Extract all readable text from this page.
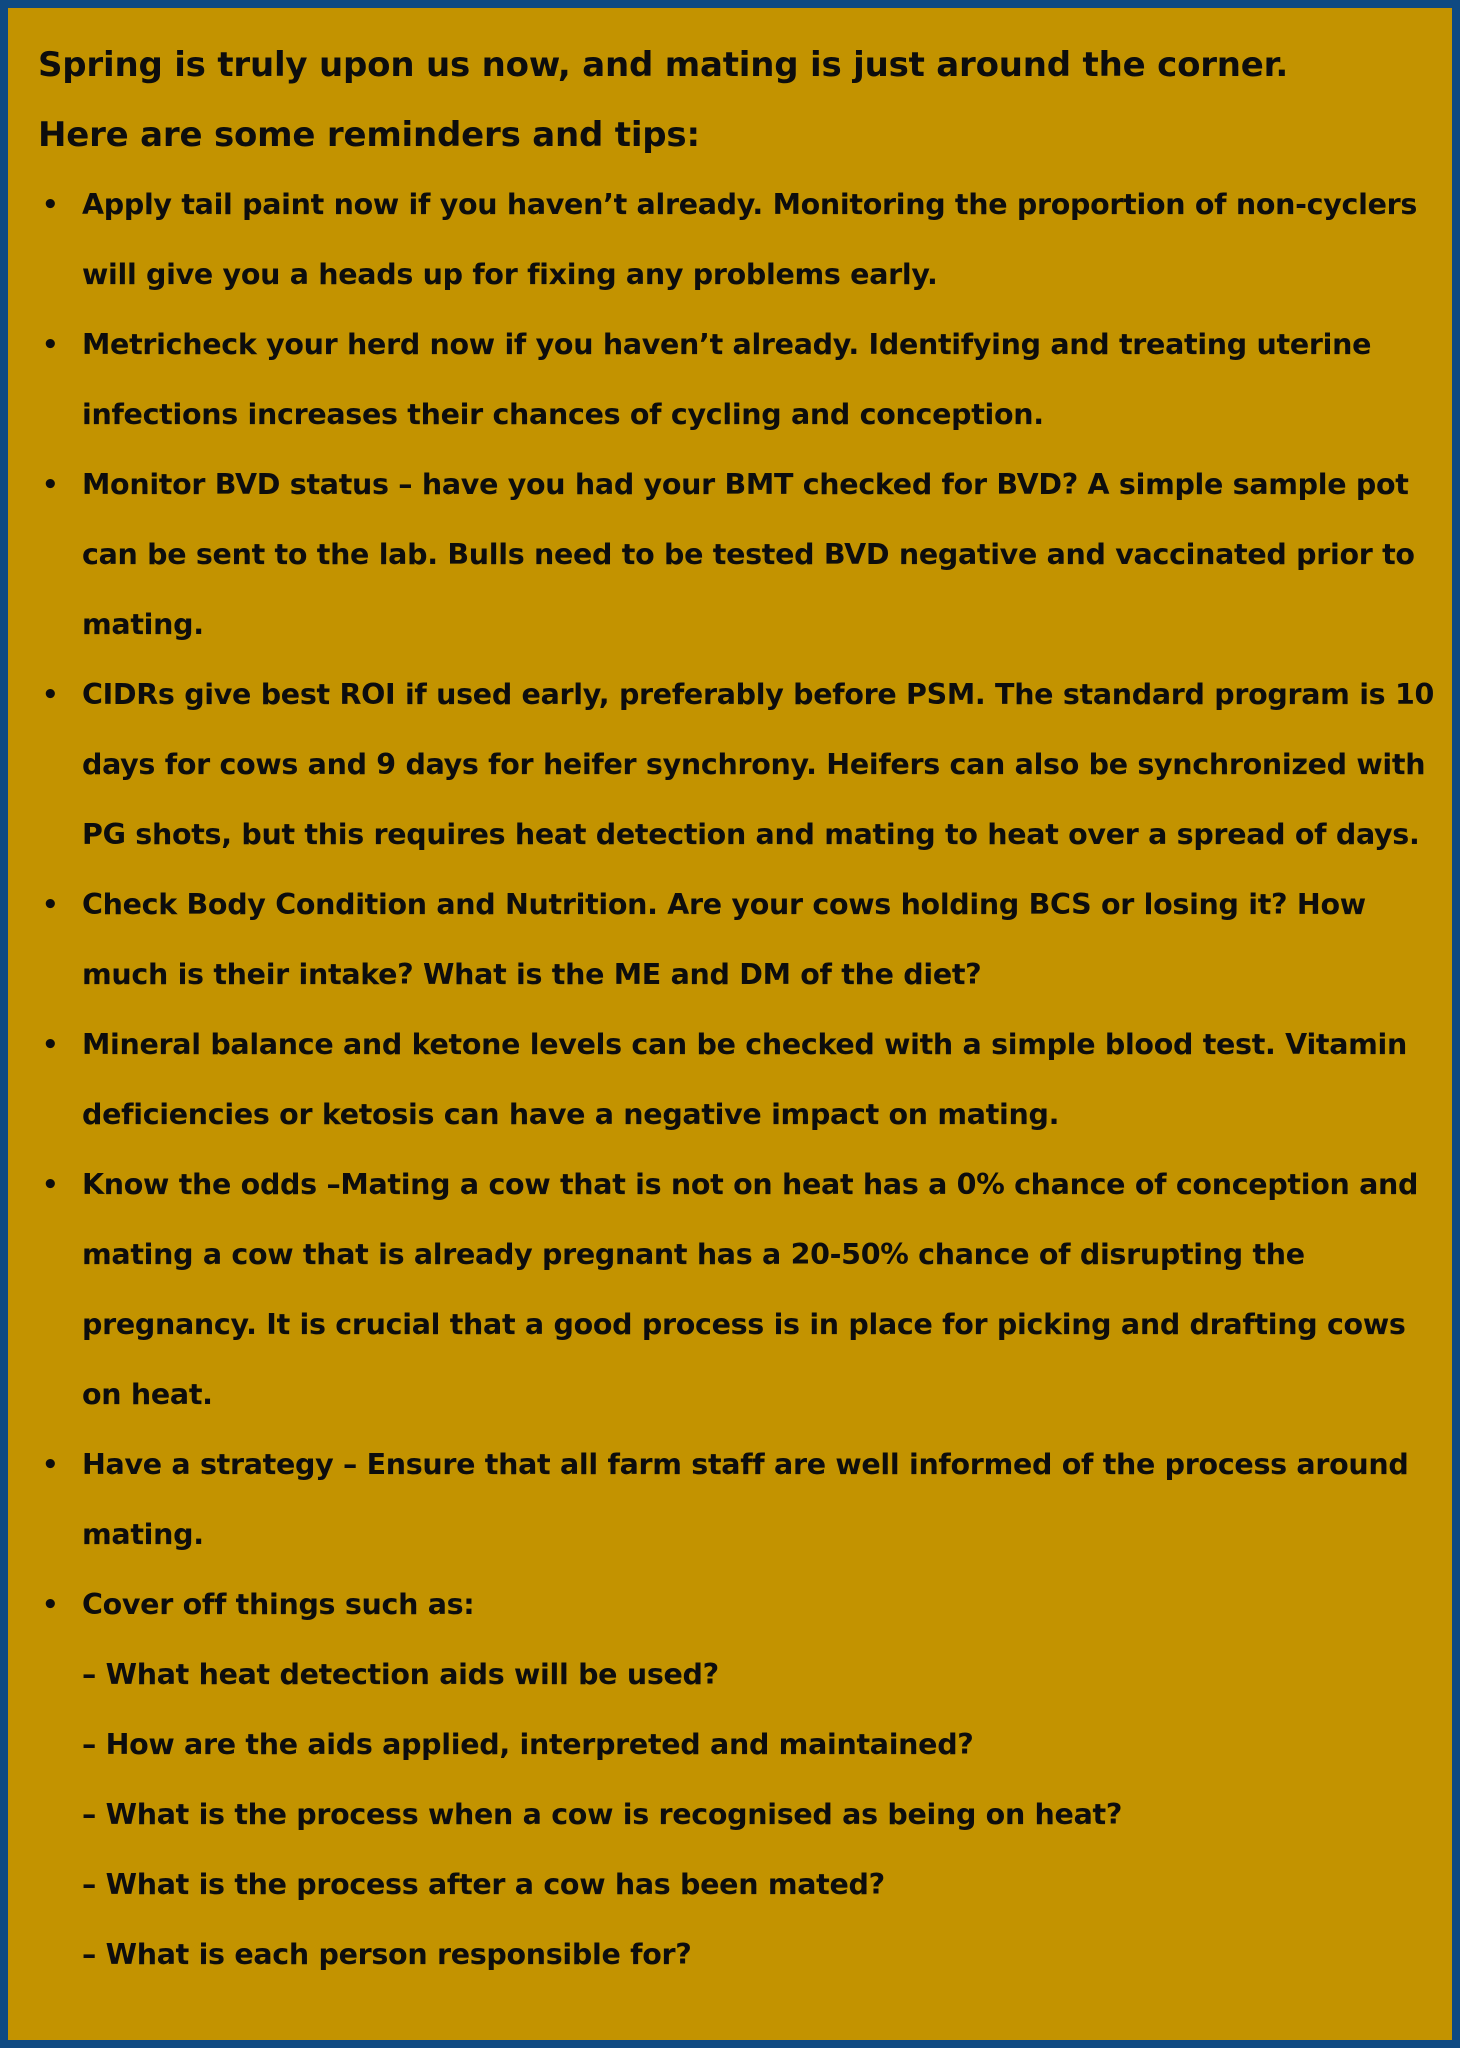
Spring is truly upon us now, and mating is just around the corner.

Here are some reminders and tips:

• Apply tail paint now if you haven’t already. Monitoring the proportion of non-cyclers will give you a heads up for fixing any problems early.
• Metricheck your herd now if you haven’t already. Identifying and treating uterine infections increases their chances of cycling and conception.
• Monitor BVD status – have you had your BMT checked for BVD? A simple sample pot can be sent to the lab. Bulls need to be tested BVD negative and vaccinated prior to mating.
• CIDRs give best ROI if used early, preferably before PSM. The standard program is 10 days for cows and 9 days for heifer synchrony. Heifers can also be synchronized with PG shots, but this requires heat detection and mating to heat over a spread of days.
• Check Body Condition and Nutrition. Are your cows holding BCS or losing it? How much is their intake? What is the ME and DM of the diet?
• Mineral balance and ketone levels can be checked with a simple blood test. Vitamin deficiencies or ketosis can have a negative impact on mating.
• Know the odds –Mating a cow that is not on heat has a 0% chance of conception and mating a cow that is already pregnant has a 20-50% chance of disrupting the pregnancy. It is crucial that a good process is in place for picking and drafting cows on heat.
• Have a strategy – Ensure that all farm staff are well informed of the process around mating.
• Cover off things such as:
– What heat detection aids will be used?
– How are the aids applied, interpreted and maintained?
– What is the process when a cow is recognised as being on heat?
– What is the process after a cow has been mated?
– What is each person responsible for?
